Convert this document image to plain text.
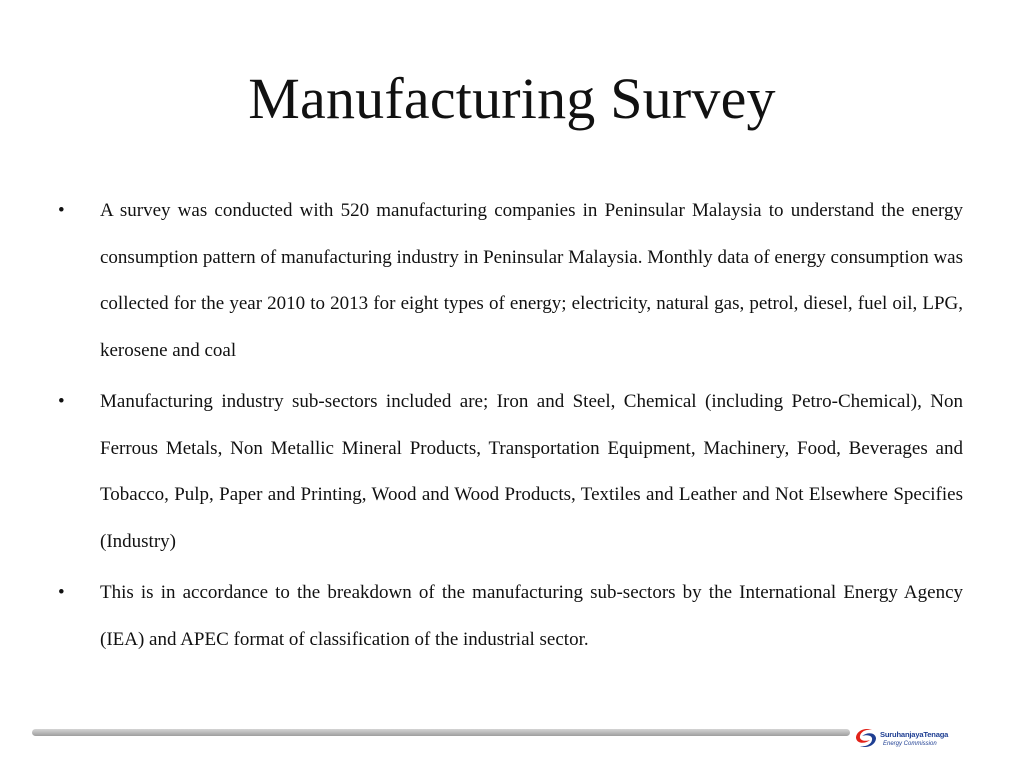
Manufacturing Survey
• A survey was conducted with 520 manufacturing companies in Peninsular Malaysia to understand the energy consumption pattern of manufacturing industry in Peninsular Malaysia. Monthly data of energy consumption was collected for the year 2010 to 2013 for eight types of energy; electricity, natural gas, petrol, diesel, fuel oil, LPG, kerosene and coal
• Manufacturing industry sub-sectors included are; Iron and Steel, Chemical (including Petro-Chemical), Non Ferrous Metals, Non Metallic Mineral Products, Transportation Equipment, Machinery, Food, Beverages and Tobacco, Pulp, Paper and Printing, Wood and Wood Products, Textiles and Leather and Not Elsewhere Specifies (Industry)
• This is in accordance to the breakdown of the manufacturing sub-sectors by the International Energy Agency (IEA) and APEC format of classification of the industrial sector.
SuruhanjayaTenaga
Energy Commission
